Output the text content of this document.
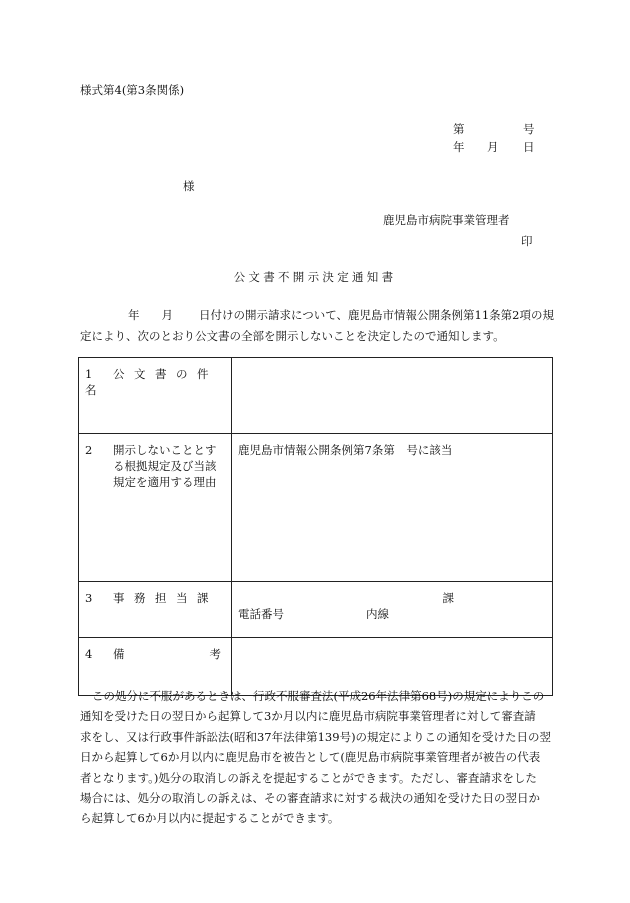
様式第4(第3条関係)
第	号
年 月 日
様
鹿児島市病院事業管理者
印
公文書不開示決定通知書
年 月 日付けの開示請求について、鹿児島市情報公開条例第11条第2項の規
定により、次のとおり公文書の全部を開示しないことを決定したので通知します。
1 公文書の件名	

2 開示しないこととする根拠規定及び当該規定を適用する理由	鹿児島市情報公開条例第7条第　号に該当
3 事務担当課	課
電話番号 内線

4 備 考	

この処分に不服があるときは、行政不服審査法(平成26年法律第68号)の規定によりこの
通知を受けた日の翌日から起算して3か月以内に鹿児島市病院事業管理者に対して審査請
求をし、又は行政事件訴訟法(昭和37年法律第139号)の規定によりこの通知を受けた日の翌
日から起算して6か月以内に鹿児島市を被告として(鹿児島市病院事業管理者が被告の代表
者となります。)処分の取消しの訴えを提起することができます。ただし、審査請求をした
場合には、処分の取消しの訴えは、その審査請求に対する裁決の通知を受けた日の翌日か
ら起算して6か月以内に提起することができます。
